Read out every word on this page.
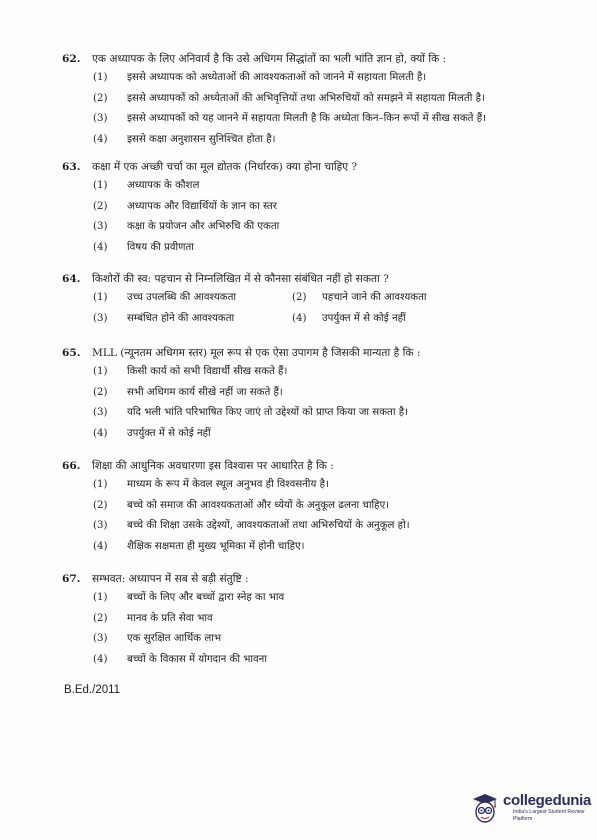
62.	एक अध्यापक के लिए अनिवार्य है कि उसे अधिगम सिद्धांतों का भली भांति ज्ञान हो, क्यों कि :
(1)	इससे अध्यापक को अध्येताओं की आवश्यकताओं को जानने में सहायता मिलती है।
(2)	इससे अध्यापकों को अध्येताओं की अभिवृत्तियों तथा अभिरुचियों को समझने में सहायता मिलती है।
(3)	इससे अध्यापकों को यह जानने में सहायता मिलती है कि अध्येता किन–किन रूपों में सीख सकते हैं।
(4)	इससे कक्षा अनुशासन सुनिश्चित होता है।
63.	कक्षा में एक अच्छी चर्चा का मूल द्योतक (निर्धारक) क्या होना चाहिए ?
(1)	अध्यापक के कौशल
(2)	अध्यापक और विद्यार्थियों के ज्ञान का स्तर
(3)	कक्षा के प्रयोजन और अभिरुचि की एकता
(4)	विषय की प्रवीणता
64.	किशोरों की स्व: पहचान से निम्नलिखित में से कौनसा संबंधित नहीं हो सकता ?
(1)	उच्च उपलब्धि की आवश्यकता	(2)	पहचाने जाने की आवश्यकता
(3)	सम्बंधित होने की आवश्यकता	(4)	उपर्युक्त में से कोई नहीं
65.	MLL (न्यूनतम अधिगम स्तर) मूल रूप से एक ऐसा उपागम है जिसकी मान्यता है कि :
(1)	किसी कार्य को सभी विद्यार्थी सीख सकते हैं।
(2)	सभी अधिगम कार्य सीखे नहीं जा सकते हैं।
(3)	यदि भली भांति परिभाषित किए जाएं तो उद्देश्यों को प्राप्त किया जा सकता है।
(4)	उपर्युक्त में से कोई नहीं
66.	शिक्षा की आधुनिक अवधारणा इस विश्वास पर आधारित है कि :
(1)	माध्यम के रूप में केवल स्थूल अनुभव ही विश्वसनीय है।
(2)	बच्चे को समाज की आवश्यकताओं और ध्येयों के अनुकूल ढलना चाहिए।
(3)	बच्चे की शिक्षा उसके उद्देश्यों, आवश्यकताओं तथा अभिरुचियों के अनुकूल हो।
(4)	शैक्षिक सक्षमता ही मुख्य भूमिका में होनी चाहिए।
67.	सम्भवत: अध्यापन में सब से बड़ी संतुष्टि :
(1)	बच्चों के लिए और बच्चों द्वारा स्नेह का भाव
(2)	मानव के प्रति सेवा भाव
(3)	एक सुरक्षित आर्थिक लाभ
(4)	बच्चों के विकास में योगदान की भावना
B.Ed./2011
collegedunia
India's Largest Student Review Platform
